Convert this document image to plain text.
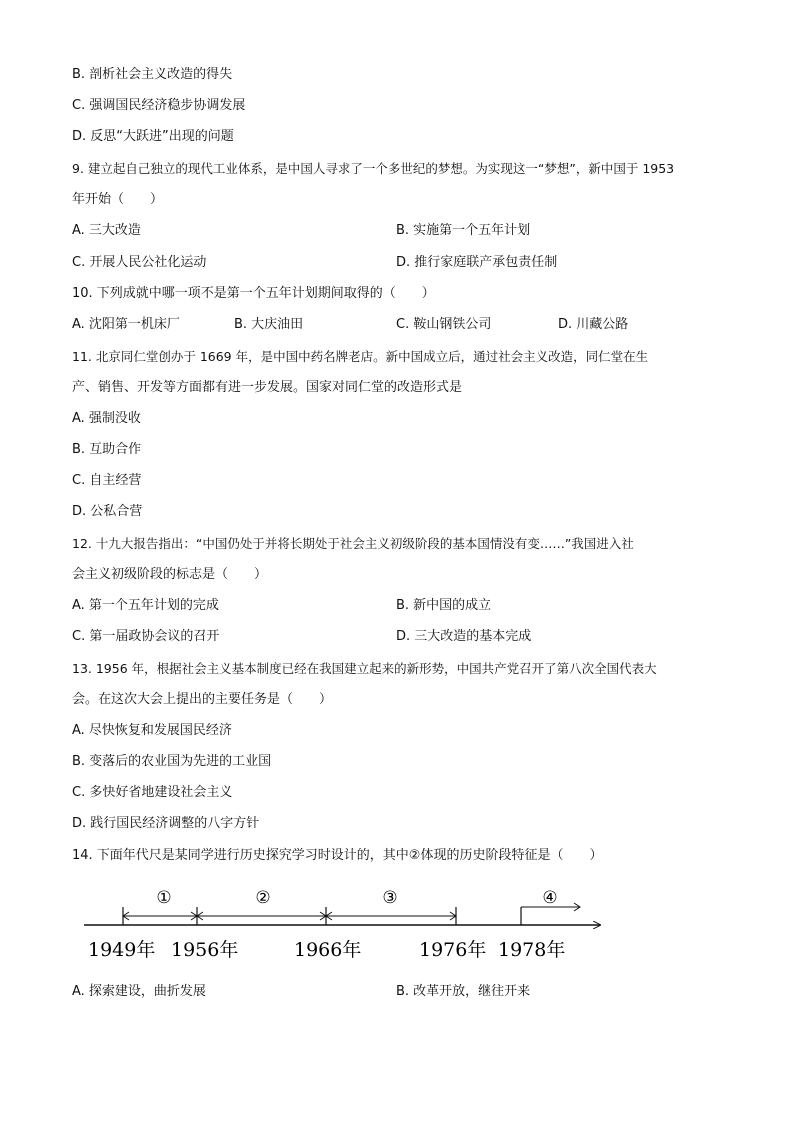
B. 剖析社会主义改造的得失
C. 强调国民经济稳步协调发展
D. 反思“大跃进”出现的问题
9. 建立起自己独立的现代工业体系，是中国人寻求了一个多世纪的梦想。为实现这一“梦想”，新中国于 1953
年开始（　　）
A. 三大改造	B. 实施第一个五年计划
C. 开展人民公社化运动	D. 推行家庭联产承包责任制
10. 下列成就中哪一项不是第一个五年计划期间取得的（　　）
A. 沈阳第一机床厂	B. 大庆油田	C. 鞍山钢铁公司	D. 川藏公路
11. 北京同仁堂创办于 1669 年，是中国中药名牌老店。新中国成立后，通过社会主义改造，同仁堂在生
产、销售、开发等方面都有进一步发展。国家对同仁堂的改造形式是
A. 强制没收
B. 互助合作
C. 自主经营
D. 公私合营
12. 十九大报告指出：“中国仍处于并将长期处于社会主义初级阶段的基本国情没有变……”我国进入社
会主义初级阶段的标志是（　　）
A. 第一个五年计划的完成	B. 新中国的成立
C. 第一届政协会议的召开	D. 三大改造的基本完成
13. 1956 年，根据社会主义基本制度已经在我国建立起来的新形势，中国共产党召开了第八次全国代表大
会。在这次大会上提出的主要任务是（　　）
A. 尽快恢复和发展国民经济
B. 变落后的农业国为先进的工业国
C. 多快好省地建设社会主义
D. 践行国民经济调整的八字方针
14. 下面年代尺是某同学进行历史探究学习时设计的，其中②体现的历史阶段特征是（　　）
①	②	③	④
1949年 1956年	1966年	1976年 1978年
A. 探索建设，曲折发展	B. 改革开放，继往开来
